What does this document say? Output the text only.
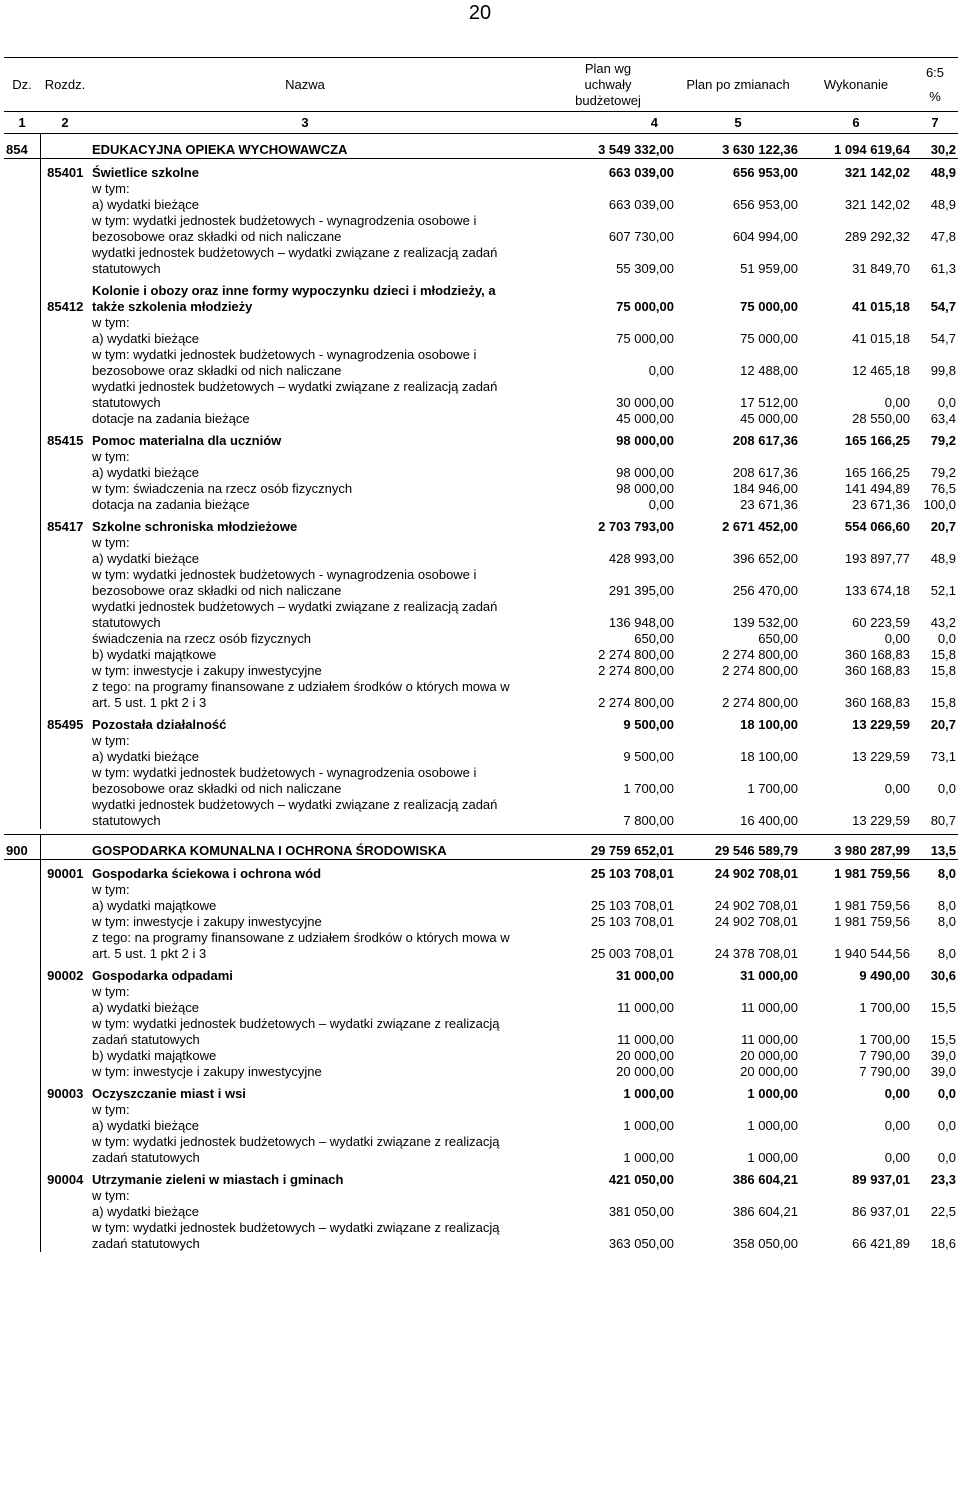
20
Dz.	Rozdz.	Nazwa	Plan wg uchwały budżetowej	Plan po zmianach	Wykonanie	6:5
%

1	2	3	4	5	6	7
854		EDUKACYJNA OPIEKA WYCHOWAWCZA	3 549 332,00	3 630 122,36	1 094 619,64	30,2

	85401	Świetlice szkolne	663 039,00	656 953,00	321 142,02	48,9
		w tym:				
		a) wydatki bieżące	663 039,00	656 953,00	321 142,02	48,9
		w tym: wydatki jednostek budżetowych - wynagrodzenia osobowe i bezosobowe oraz składki od nich naliczane	607 730,00	604 994,00	289 292,32	47,8
		wydatki jednostek budżetowych – wydatki związane z realizacją zadań statutowych	55 309,00	51 959,00	31 849,70	61,3

	85412	Kolonie i obozy oraz inne formy wypoczynku dzieci i młodzieży, a także szkolenia młodzieży	75 000,00	75 000,00	41 015,18	54,7
		w tym:				
		a) wydatki bieżące	75 000,00	75 000,00	41 015,18	54,7
		w tym: wydatki jednostek budżetowych - wynagrodzenia osobowe i bezosobowe oraz składki od nich naliczane	0,00	12 488,00	12 465,18	99,8
		wydatki jednostek budżetowych – wydatki związane z realizacją zadań statutowych	30 000,00	17 512,00	0,00	0,0
		dotacje na zadania bieżące	45 000,00	45 000,00	28 550,00	63,4

	85415	Pomoc materialna dla uczniów	98 000,00	208 617,36	165 166,25	79,2
		w tym:				
		a) wydatki bieżące	98 000,00	208 617,36	165 166,25	79,2
		w tym: świadczenia na rzecz osób fizycznych	98 000,00	184 946,00	141 494,89	76,5
		dotacja na zadania bieżące	0,00	23 671,36	23 671,36	100,0

	85417	Szkolne schroniska młodzieżowe	2 703 793,00	2 671 452,00	554 066,60	20,7
		w tym:				
		a) wydatki bieżące	428 993,00	396 652,00	193 897,77	48,9
		w tym: wydatki jednostek budżetowych - wynagrodzenia osobowe i bezosobowe oraz składki od nich naliczane	291 395,00	256 470,00	133 674,18	52,1
		wydatki jednostek budżetowych – wydatki związane z realizacją zadań statutowych	136 948,00	139 532,00	60 223,59	43,2
		świadczenia na rzecz osób fizycznych	650,00	650,00	0,00	0,0
		b) wydatki majątkowe	2 274 800,00	2 274 800,00	360 168,83	15,8
		w tym: inwestycje i zakupy inwestycyjne	2 274 800,00	2 274 800,00	360 168,83	15,8
		z tego: na programy finansowane z udziałem środków o których mowa w art. 5 ust. 1 pkt 2 i 3	2 274 800,00	2 274 800,00	360 168,83	15,8

	85495	Pozostała działalność	9 500,00	18 100,00	13 229,59	20,7
		w tym:				
		a) wydatki bieżące	9 500,00	18 100,00	13 229,59	73,1
		w tym: wydatki jednostek budżetowych - wynagrodzenia osobowe i bezosobowe oraz składki od nich naliczane	1 700,00	1 700,00	0,00	0,0
		wydatki jednostek budżetowych – wydatki związane z realizacją zadań statutowych	7 800,00	16 400,00	13 229,59	80,7

900		GOSPODARKA KOMUNALNA I OCHRONA ŚRODOWISKA	29 759 652,01	29 546 589,79	3 980 287,99	13,5

	90001	Gospodarka ściekowa i ochrona wód	25 103 708,01	24 902 708,01	1 981 759,56	8,0
		w tym:				
		a) wydatki majątkowe	25 103 708,01	24 902 708,01	1 981 759,56	8,0
		w tym: inwestycje i zakupy inwestycyjne	25 103 708,01	24 902 708,01	1 981 759,56	8,0
		z tego: na programy finansowane z udziałem środków o których mowa w art. 5 ust. 1 pkt 2 i 3	25 003 708,01	24 378 708,01	1 940 544,56	8,0

	90002	Gospodarka odpadami	31 000,00	31 000,00	9 490,00	30,6
		w tym:				
		a) wydatki bieżące	11 000,00	11 000,00	1 700,00	15,5
		w tym: wydatki jednostek budżetowych – wydatki związane z realizacją zadań statutowych	11 000,00	11 000,00	1 700,00	15,5
		b) wydatki majątkowe	20 000,00	20 000,00	7 790,00	39,0
		w tym: inwestycje i zakupy inwestycyjne	20 000,00	20 000,00	7 790,00	39,0

	90003	Oczyszczanie miast i wsi	1 000,00	1 000,00	0,00	0,0
		w tym:				
		a) wydatki bieżące	1 000,00	1 000,00	0,00	0,0
		w tym: wydatki jednostek budżetowych – wydatki związane z realizacją zadań statutowych	1 000,00	1 000,00	0,00	0,0

	90004	Utrzymanie zieleni w miastach i gminach	421 050,00	386 604,21	89 937,01	23,3
		w tym:				
		a) wydatki bieżące	381 050,00	386 604,21	86 937,01	22,5
		w tym: wydatki jednostek budżetowych – wydatki związane z realizacją zadań statutowych	363 050,00	358 050,00	66 421,89	18,6
